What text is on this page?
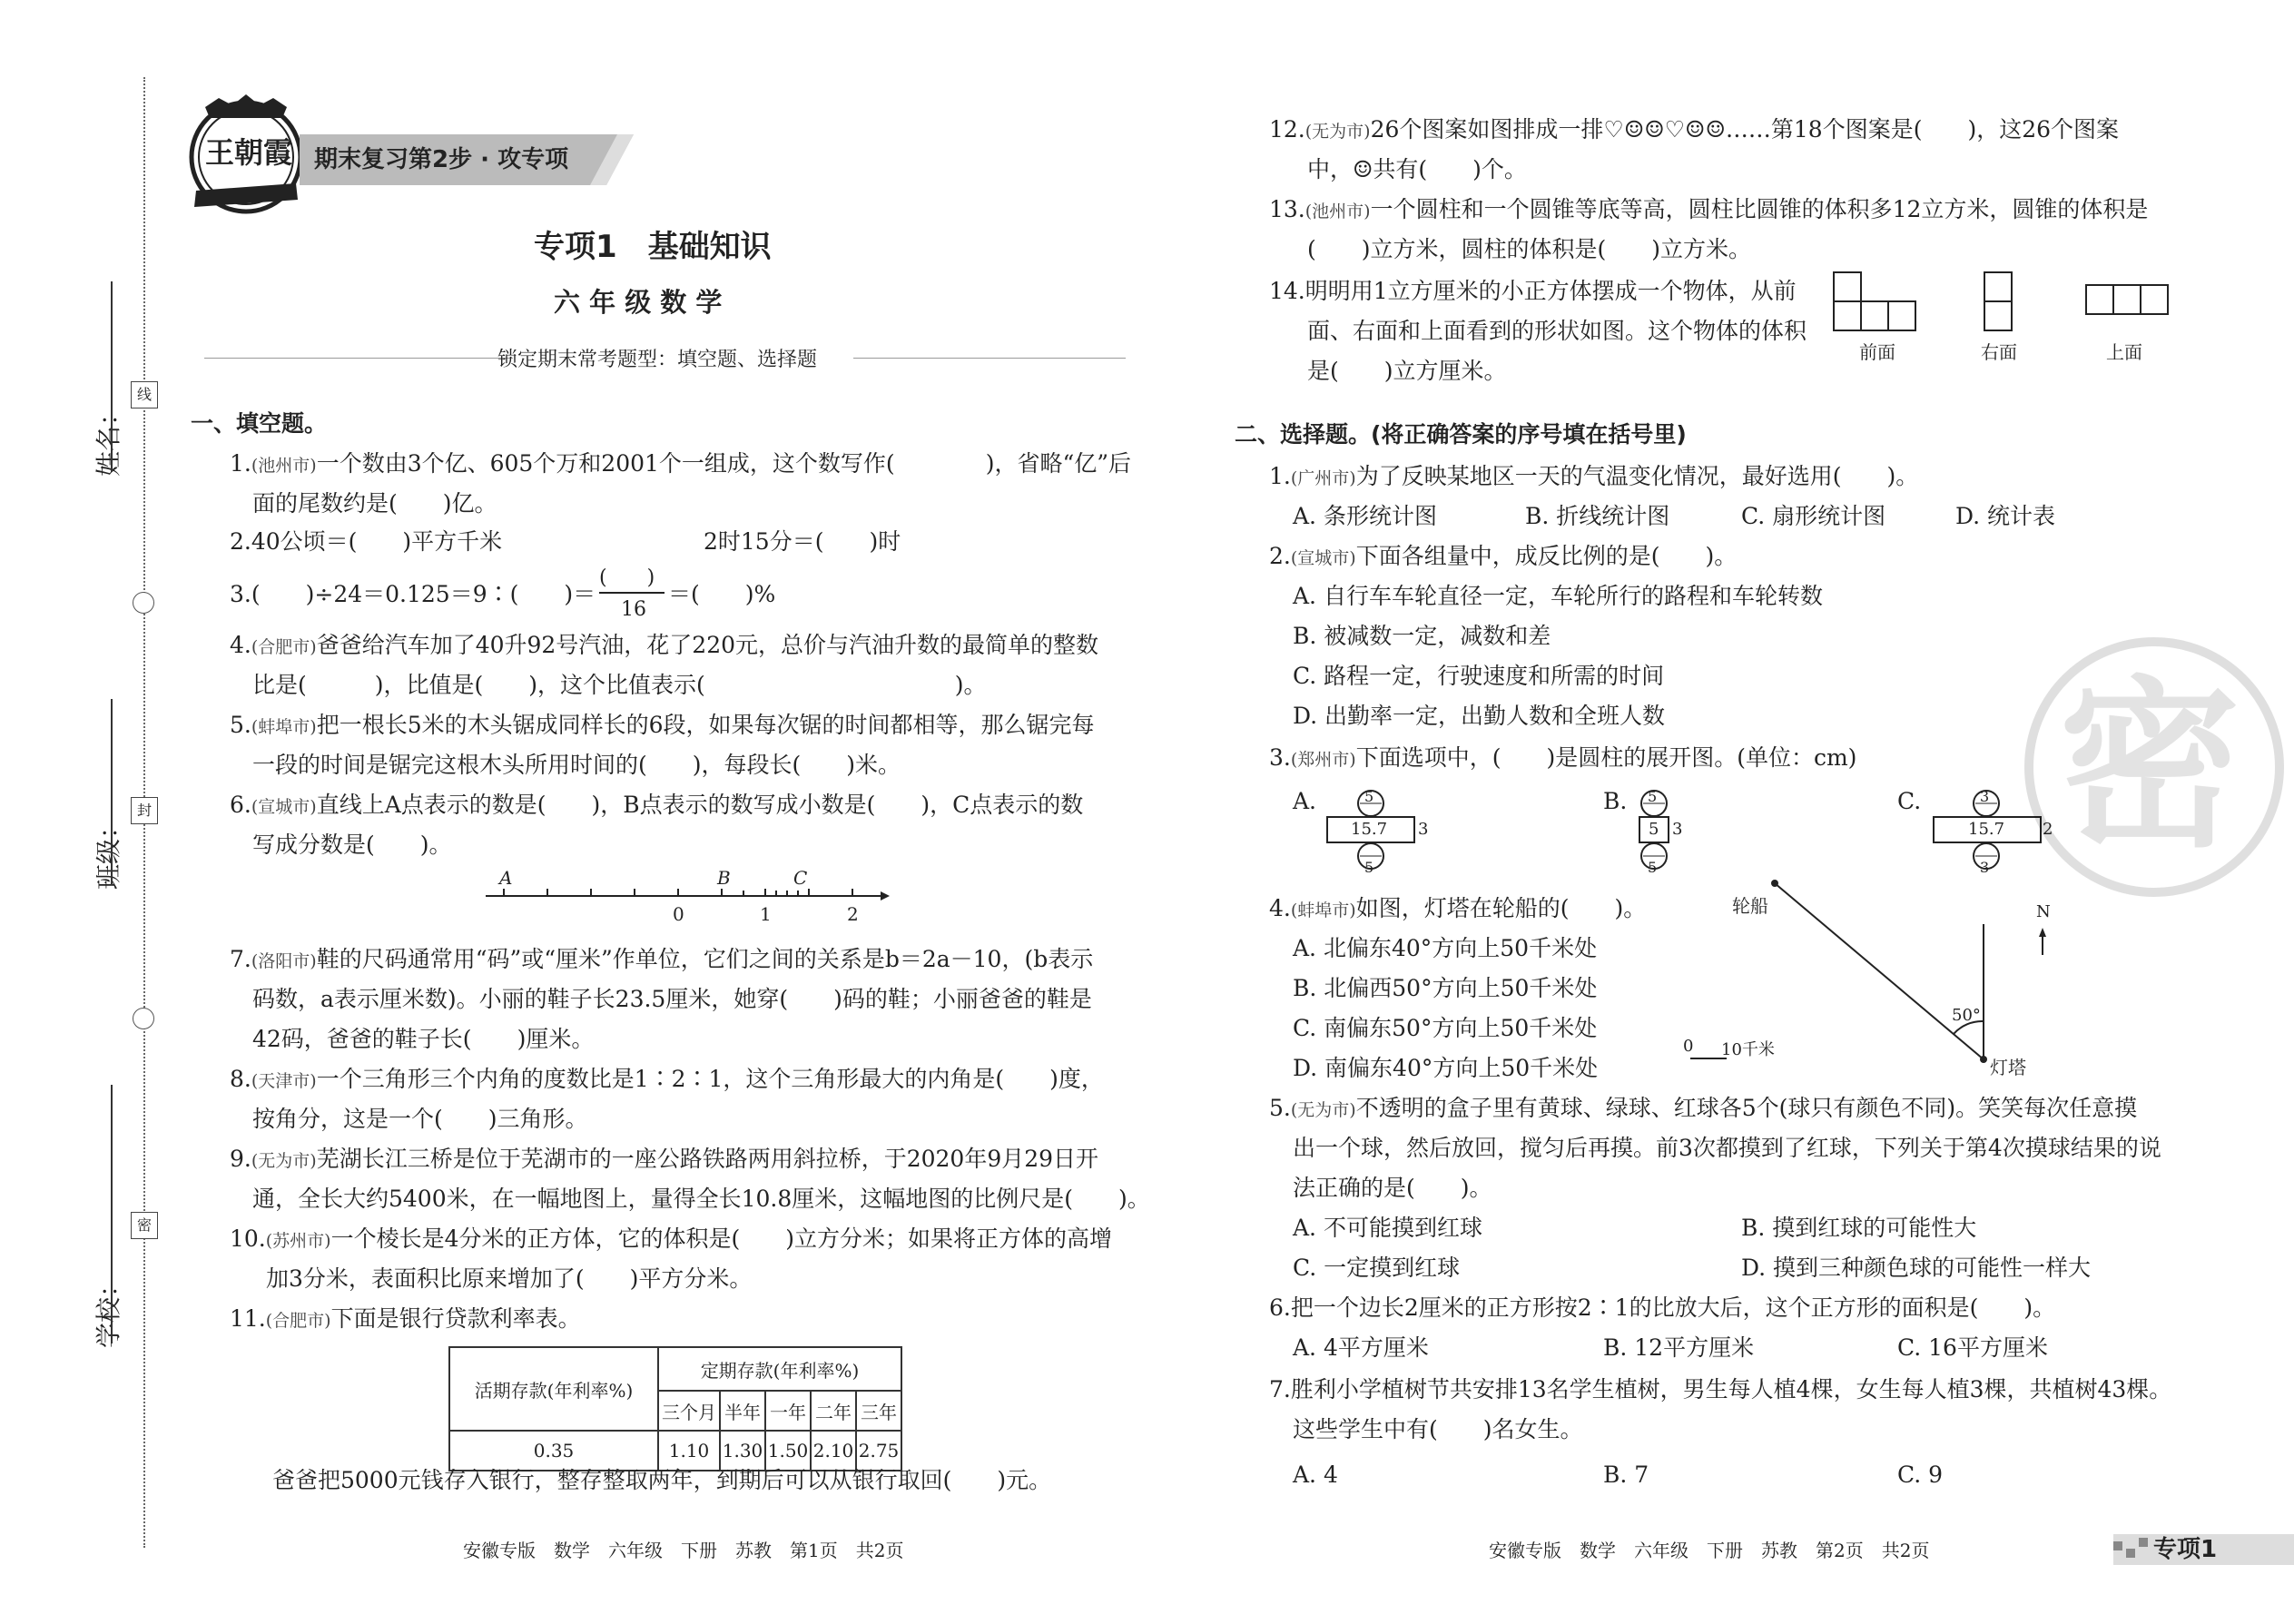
线
封
密
姓名：
班级：
学校：
王朝霞 期末复习第2步 · 攻专项
专项1　基础知识
六 年 级 数 学
锁定期末常考题型：填空题、选择题
一、填空题。
1.(池州市)一个数由3个亿、605个万和2001个一组成，这个数写作(　　　　)，省略“亿”后
面的尾数约是(　　)亿。
2.40公顷＝(　　)平方千米	2时15分＝(　　)时
3.(　　)÷24＝0.125＝9∶(　　)＝
(　　)
16
＝(　　)%
4.(合肥市)爸爸给汽车加了40升92号汽油，花了220元，总价与汽油升数的最简单的整数
比是(　　　)，比值是(　　)，这个比值表示(　　　　　　　　　　　)。
5.(蚌埠市)把一根长5米的木头锯成同样长的6段，如果每次锯的时间都相等，那么锯完每
一段的时间是锯完这根木头所用时间的(　　)，每段长(　　)米。
6.(宣城市)直线上A点表示的数是(　　)，B点表示的数写成小数是(　　)，C点表示的数
写成分数是(　　)。
A	B	C
0	1	2
7.(洛阳市)鞋的尺码通常用“码”或“厘米”作单位，它们之间的关系是b＝2a－10，(b表示
码数，a表示厘米数)。小丽的鞋子长23.5厘米，她穿(　　)码的鞋；小丽爸爸的鞋是
42码，爸爸的鞋子长(　　)厘米。
8.(天津市)一个三角形三个内角的度数比是1∶2∶1，这个三角形最大的内角是(　　)度，
按角分，这是一个(　　)三角形。
9.(无为市)芜湖长江三桥是位于芜湖市的一座公路铁路两用斜拉桥，于2020年9月29日开
通，全长大约5400米，在一幅地图上，量得全长10.8厘米，这幅地图的比例尺是(　　)。
10.(苏州市)一个棱长是4分米的正方体，它的体积是(　　)立方分米；如果将正方体的高增
加3分米，表面积比原来增加了(　　)平方分米。
11.(合肥市)下面是银行贷款利率表。
活期存款(年利率%)	定期存款(年利率%)				
	三个月	半年	一年	二年	三年
0.35	1.10	1.30	1.50	2.10	2.75
爸爸把5000元钱存入银行，整存整取两年，到期后可以从银行取回(　　)元。
安徽专版　数学　六年级　下册　苏教　第1页　共2页
12.(无为市)26个图案如图排成一排♡☺☺♡☺☺……第18个图案是(　　)，这26个图案
中，☺共有(　　)个。
13.(池州市)一个圆柱和一个圆锥等底等高，圆柱比圆锥的体积多12立方米，圆锥的体积是
(　　)立方米，圆柱的体积是(　　)立方米。
14.明明用1立方厘米的小正方体摆成一个物体，从前
面、右面和上面看到的形状如图。这个物体的体积
是(　　)立方厘米。
前面	右面	上面
二、选择题。(将正确答案的序号填在括号里)
1.(广州市)为了反映某地区一天的气温变化情况，最好选用(　　)。
A. 条形统计图	B. 折线统计图	C. 扇形统计图	D. 统计表
2.(宣城市)下面各组量中，成反比例的是(　　)。
A. 自行车车轮直径一定，车轮所行的路程和车轮转数
B. 被减数一定，减数和差
C. 路程一定，行驶速度和所需的时间
D. 出勤率一定，出勤人数和全班人数
3.(郑州市)下面选项中，(　　)是圆柱的展开图。(单位：cm)
A.	5
15.7 3
5
B. 5
5 3
5
C.	3
15.7 2
3
4.(蚌埠市)如图，灯塔在轮船的(　　)。
A. 北偏东40°方向上50千米处
B. 北偏西50°方向上50千米处
C. 南偏东50°方向上50千米处
D. 南偏东40°方向上50千米处
轮船
灯塔
N
50°
0 10千米
5.(无为市)不透明的盒子里有黄球、绿球、红球各5个(球只有颜色不同)。笑笑每次任意摸
出一个球，然后放回，搅匀后再摸。前3次都摸到了红球，下列关于第4次摸球结果的说
法正确的是(　　)。
A. 不可能摸到红球	B. 摸到红球的可能性大
C. 一定摸到红球	D. 摸到三种颜色球的可能性一样大
6.把一个边长2厘米的正方形按2∶1的比放大后，这个正方形的面积是(　　)。
A. 4平方厘米	B. 12平方厘米	C. 16平方厘米
7.胜利小学植树节共安排13名学生植树，男生每人植4棵，女生每人植3棵，共植树43棵。
这些学生中有(　　)名女生。
A. 4	B. 7	C. 9
安徽专版　数学　六年级　下册　苏教　第2页　共2页	专项1
密
